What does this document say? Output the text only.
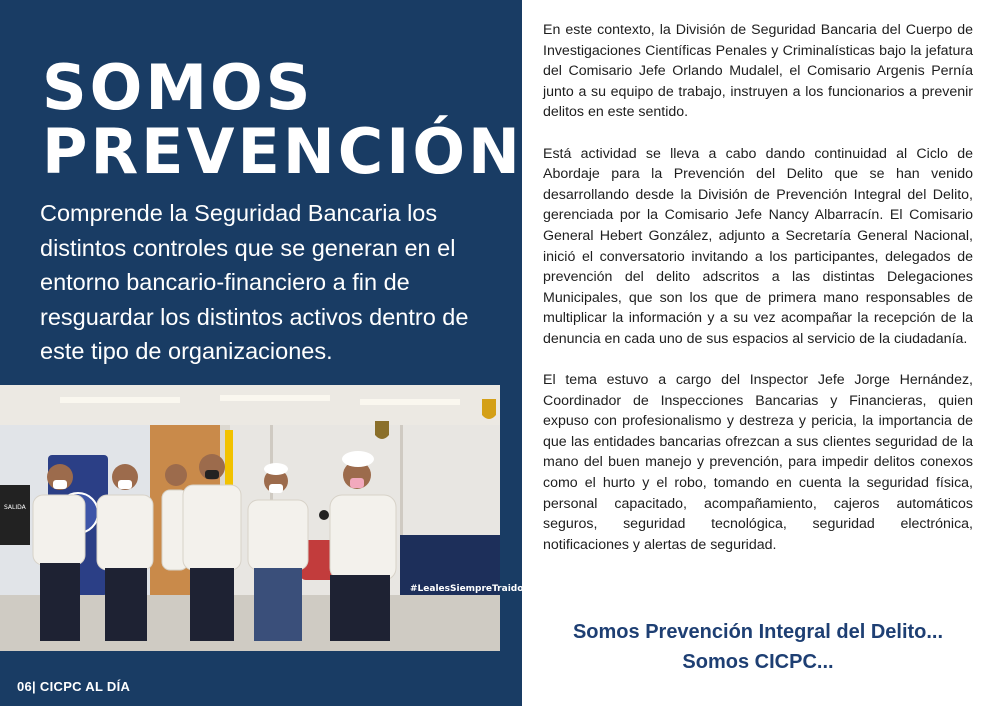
SOMOS
PREVENCIÓN

Comprende la Seguridad Bancaria los distintos controles que se generan en el entorno bancario-financiero a fin de resguardar los distintos activos dentro de este tipo de organizaciones.

SALIDA
#LealesSiempreTraidores

06| CICPC AL DÍA

En este contexto, la División de Seguridad Bancaria del Cuerpo de Investigaciones Científicas Penales y Criminalísticas bajo la jefatura del Comisario Jefe Orlando Mudalel, el Comisario Argenis Pernía junto a su equipo de trabajo, instruyen a los funcionarios a prevenir delitos en este sentido.

Está actividad se lleva a cabo dando continuidad al Ciclo de Abordaje para la Prevención del Delito que se han venido desarrollando desde la División de Prevención Integral del Delito, gerenciada por la Comisario Jefe Nancy Albarracín. El Comisario General Hebert González, adjunto a Secretaría General Nacional, inició el conversatorio invitando a los participantes, delegados de prevención del delito adscritos a las distintas Delegaciones Municipales, que son los que de primera mano responsables de multiplicar la información y a su vez acompañar la recepción de la denuncia en cada uno de sus espacios al servicio de la ciudadanía.

El tema estuvo a cargo del Inspector Jefe Jorge Hernández, Coordinador de Inspecciones Bancarias y Financieras, quien expuso con profesionalismo y destreza y pericia, la importancia de que las entidades bancarias ofrezcan a sus clientes seguridad de la mano del buen manejo y prevención, para impedir delitos conexos como el hurto y el robo, tomando en cuenta la seguridad física, personal capacitado, acompañamiento, cajeros automáticos seguros, seguridad tecnológica, seguridad electrónica, notificaciones y alertas de seguridad.

Somos Prevención Integral del Delito...
Somos CICPC...
